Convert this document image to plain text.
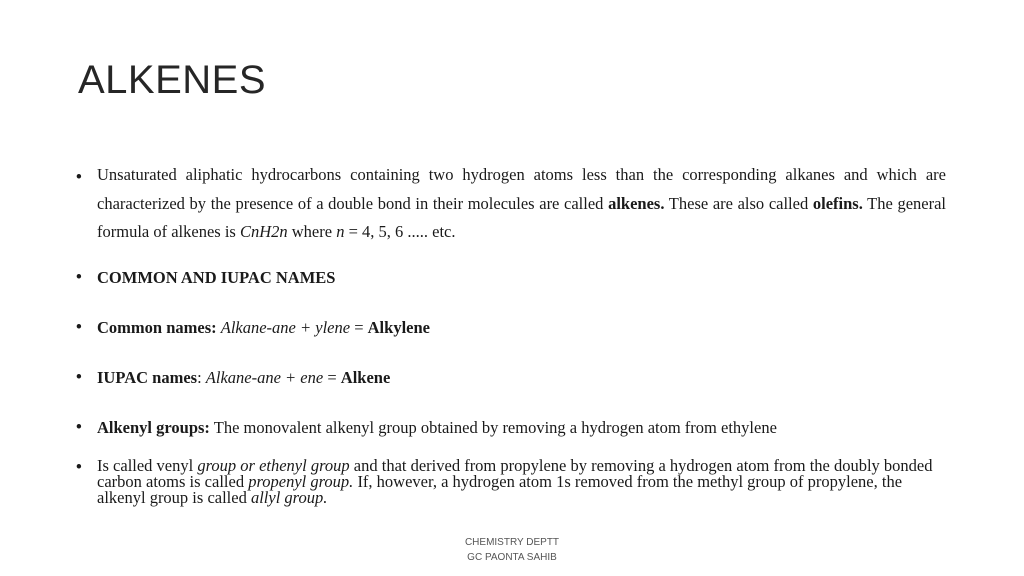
ALKENES
• Unsaturated aliphatic hydrocarbons containing two hydrogen atoms less than the corresponding alkanes and which are characterized by the presence of a double bond in their molecules are called alkenes. These are also called olefins. The general formula of alkenes is CnH2n where n = 4, 5, 6 ..... etc.
• COMMON AND IUPAC NAMES
• Common names: Alkane-ane + ylene = Alkylene
• IUPAC names: Alkane-ane + ene = Alkene
• Alkenyl groups: The monovalent alkenyl group obtained by removing a hydrogen atom from ethylene
• Is called venyl group or ethenyl group and that derived from propylene by removing a hydrogen atom from the doubly bonded carbon atoms is called propenyl group. If, however, a hydrogen atom 1s removed from the methyl group of propylene, the alkenyl group is called allyl group.
CHEMISTRY DEPTT
GC PAONTA SAHIB
